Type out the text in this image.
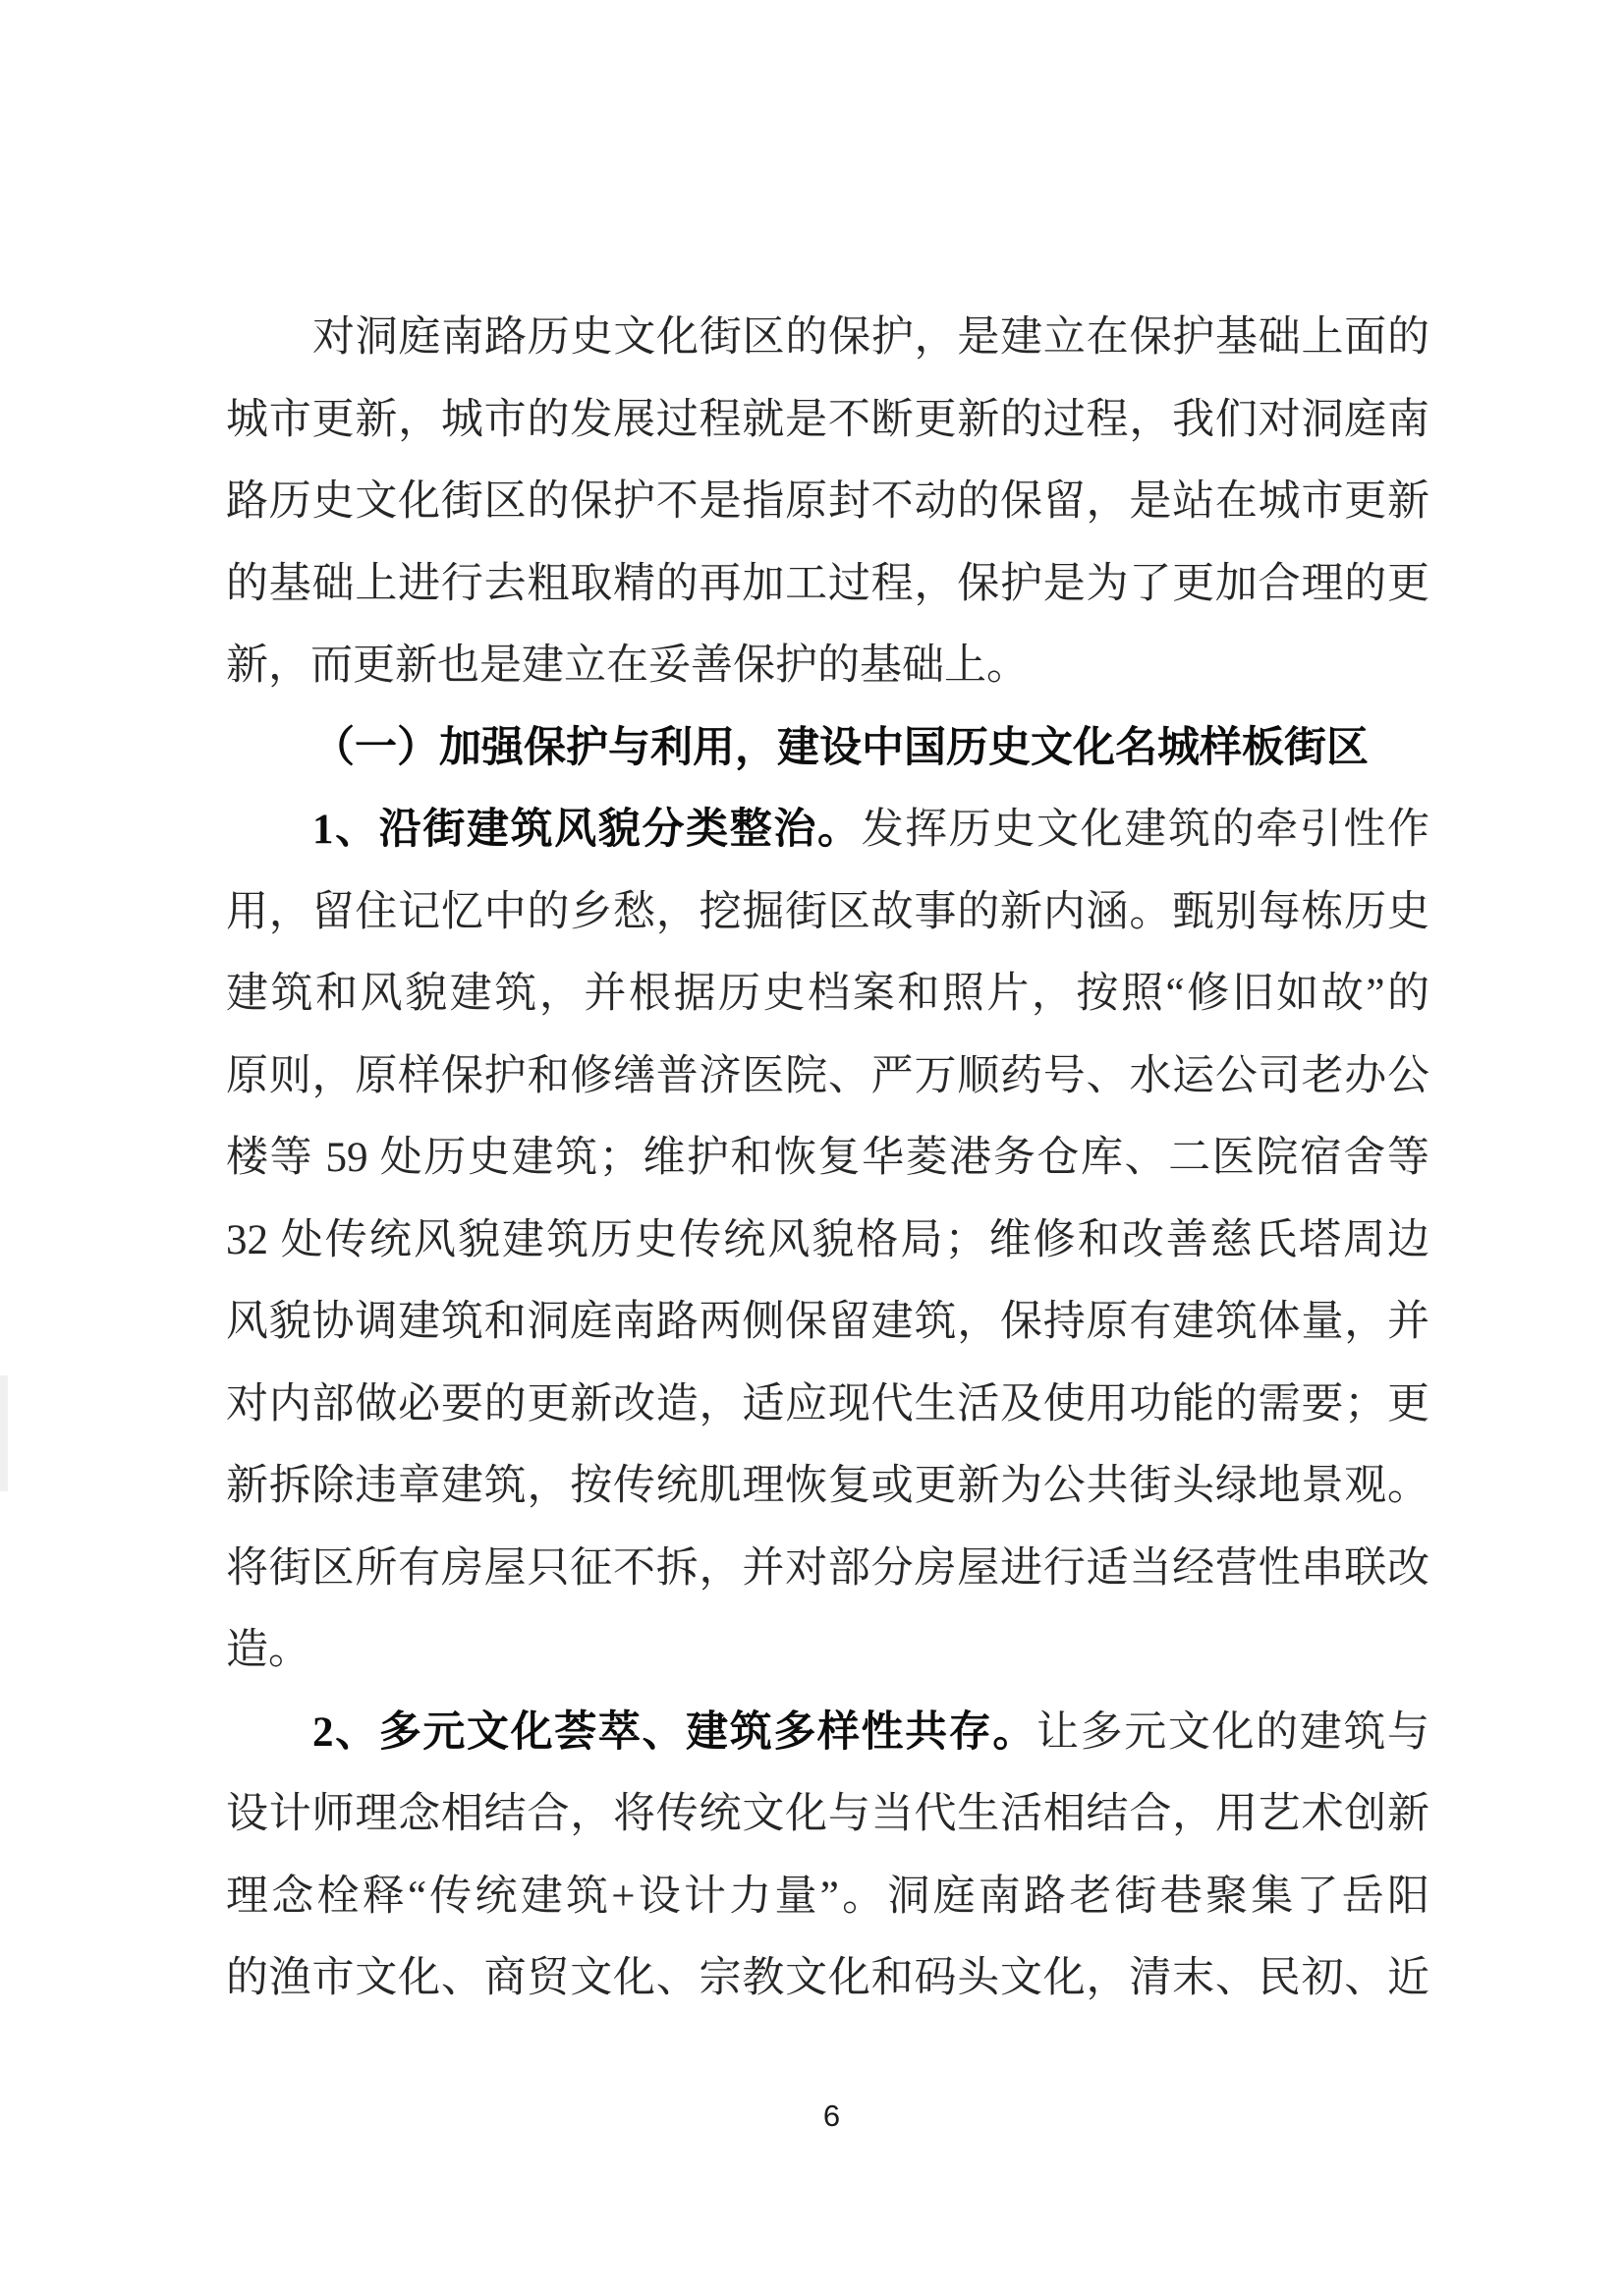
对洞庭南路历史文化街区的保护，是建立在保护基础上面的
城市更新，城市的发展过程就是不断更新的过程，我们对洞庭南
路历史文化街区的保护不是指原封不动的保留，是站在城市更新
的基础上进行去粗取精的再加工过程，保护是为了更加合理的更
新，而更新也是建立在妥善保护的基础上。
（一）加强保护与利用，建设中国历史文化名城样板街区
1、沿街建筑风貌分类整治。发挥历史文化建筑的牵引性作
用，留住记忆中的乡愁，挖掘街区故事的新内涵。甄别每栋历史
建筑和风貌建筑，并根据历史档案和照片，按照“修旧如故”的
原则，原样保护和修缮普济医院、严万顺药号、水运公司老办公
楼等 59 处历史建筑；维护和恢复华菱港务仓库、二医院宿舍等
32 处传统风貌建筑历史传统风貌格局；维修和改善慈氏塔周边
风貌协调建筑和洞庭南路两侧保留建筑，保持原有建筑体量，并
对内部做必要的更新改造，适应现代生活及使用功能的需要；更
新拆除违章建筑，按传统肌理恢复或更新为公共街头绿地景观。
将街区所有房屋只征不拆，并对部分房屋进行适当经营性串联改
造。
2、多元文化荟萃、建筑多样性共存。让多元文化的建筑与
设计师理念相结合，将传统文化与当代生活相结合，用艺术创新
理念栓释“传统建筑+设计力量”。洞庭南路老街巷聚集了岳阳
的渔市文化、商贸文化、宗教文化和码头文化，清末、民初、近
6
